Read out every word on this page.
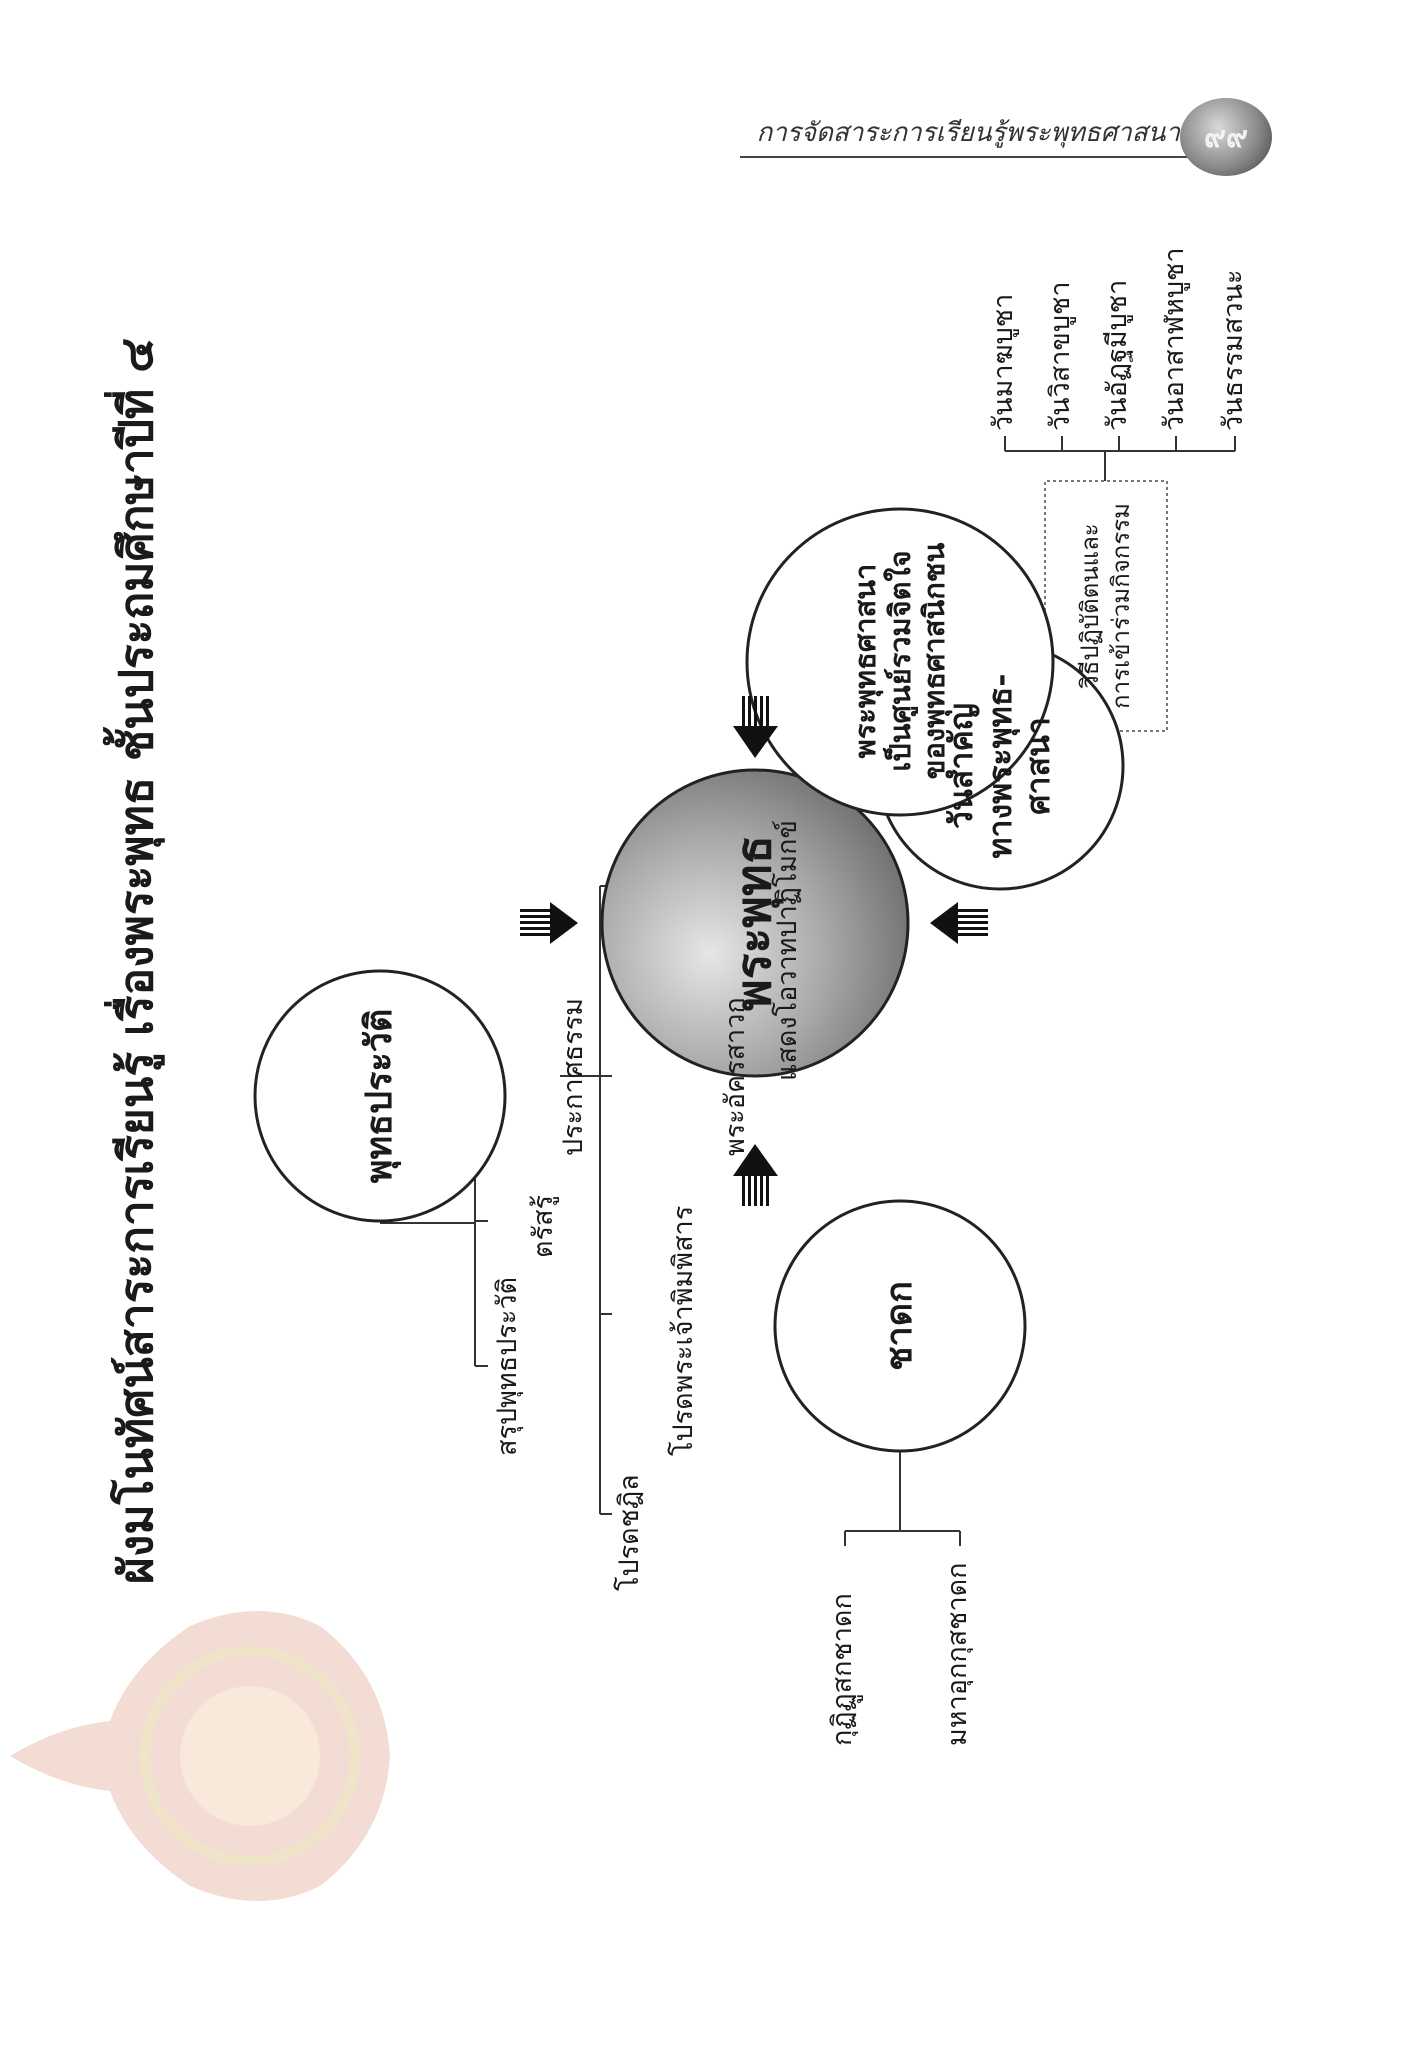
การจัดสาระการเรียนรู้พระพุทธศาสนา ๙๙
ผังมโนทัศน์สาระการเรียนรู้ เรื่องพระพุทธ ชั้นประถมศึกษาปีที่ ๔	พระพุทธ
พุทธประวัติ
ชาดก
วันสำคัญ ทางพระพุทธ- ศาสนา
พระพุทธศาสนา เป็นศูนย์รวมจิตใจ ของพุทธศาสนิกชน
สรุปพุทธประวัติ
ตรัสรู้
ประกาศธรรม
โปรดชฎิล
โปรดพระเจ้าพิมพิสาร
พระอัครสาวก แสดงโอวาทปาฏิโมกข์
กุฏิฏูสกชาดก	มหาอุกกุสชาดก
วิธีปฏิบัติตนและ การเข้าร่วมกิจกรรม
วันมาฆบูชา วันวิสาขบูชา วันอัฏฐมีบูชา วันอาสาฬหบูชา วันธรรมสวนะ
